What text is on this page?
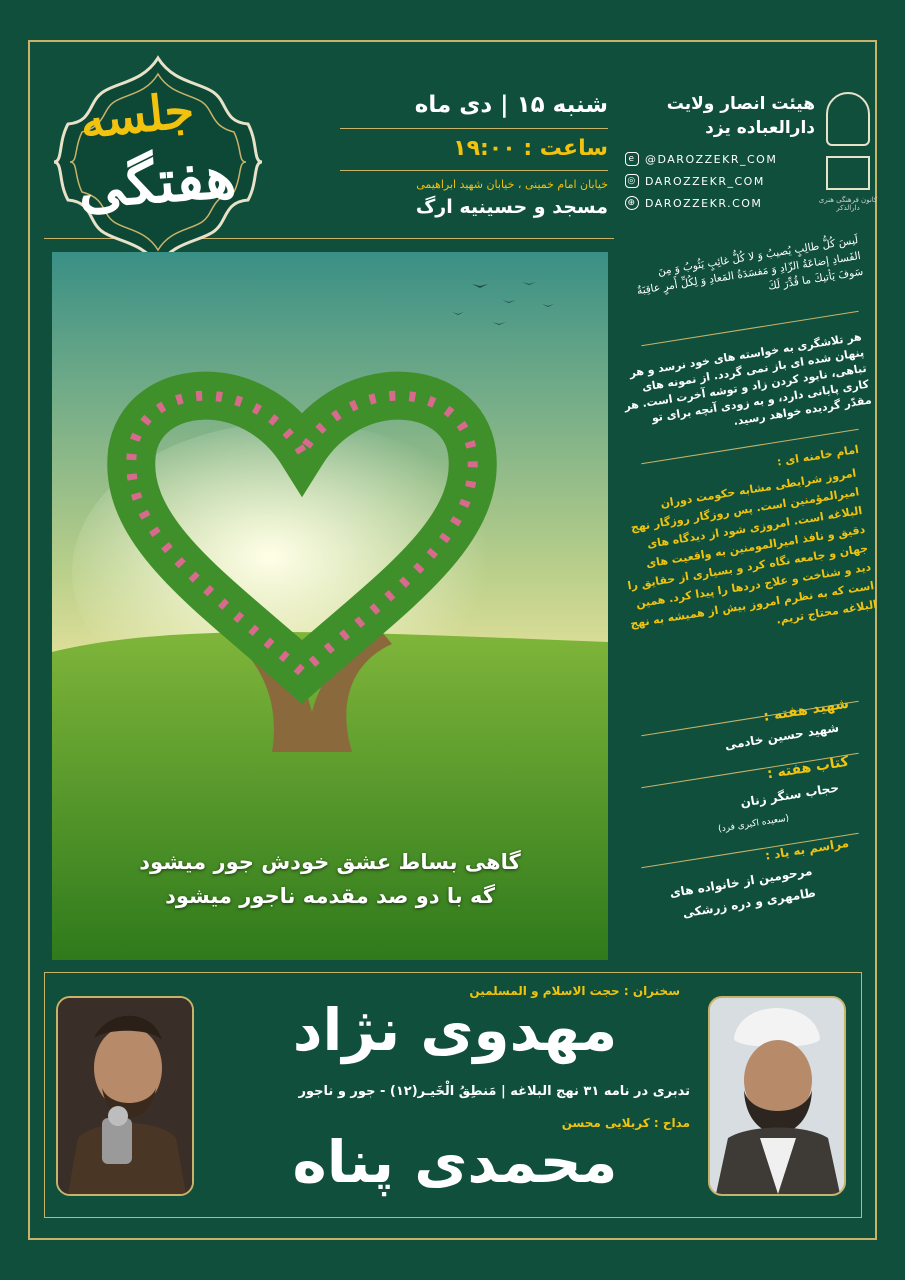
جلسه
هفتگی
شنبه ۱۵ | دی ماه
ساعت : ۱۹:۰۰
خیابان امام خمینی ، خیابان شهید ابراهیمی
مسجد و حسینیه ارگ
هیئت انصار ولایت
دارالعباده یزد
کانون فرهنگی هنری دارالذکر
e @DAROZZEKR_COM
◎ DAROZZEKR_COM
⊕ DAROZZEKR.COM
گاهی بساط عشق خودش جور میشود
گه با دو صد مقدمه ناجور میشود
لَیسَ كُلُّ طالِبٍ یُصیبُ وَ لا كُلُّ غائِبٍ یَئُوبُ وَ مِنَ الفَسادِ إضاعَةُ الزّادِ وَ مَفسَدَةُ المَعادِ وَ لِكُلِّ أَمرٍ عاقِبَةٌ سَوفَ یَأتیكَ ما قُدِّرَ لَكَ
هر تلاشگری به خواسته های خود نرسد و هر پنهان شده ای باز نمی گردد. از نمونه های تباهی، نابود کردن زاد و توشه آخرت است. هر کاری پایانی دارد، و به زودی آنچه برای تو مقدّر گردیده خواهد رسید.
امام خامنه ای :
امروز شرایطی مشابه حکومت دوران امیرالمؤمنین است. پس روزگار روزگار نهج البلاغه است. امروزی شود از دیدگاه های دقیق و نافذ امیرالمومنین به واقعیت های جهان و جامعه نگاه کرد و بسیاری از حقایق را دید و شناخت و علاج دردها را پیدا کرد. همین است که به نظرم امروز بیش از همیشه به نهج البلاغه محتاج تریم.
شهید هفته :
شهید حسین خادمی
کتاب هفته :
حجاب سنگر زنان
(سعیده اکبری فرد)
مراسم به یاد :
مرحومین از خانواده های طامهری و دره زرشکی
سخنران : حجت الاسلام و المسلمین
مهدوی نژاد
تدبری در نامه ۳۱ نهج البلاغه | مَنطِقُ الْخَیـر(۱۲) - جور و ناجور
مداح : کربلایی محسن
محمدی پناه
